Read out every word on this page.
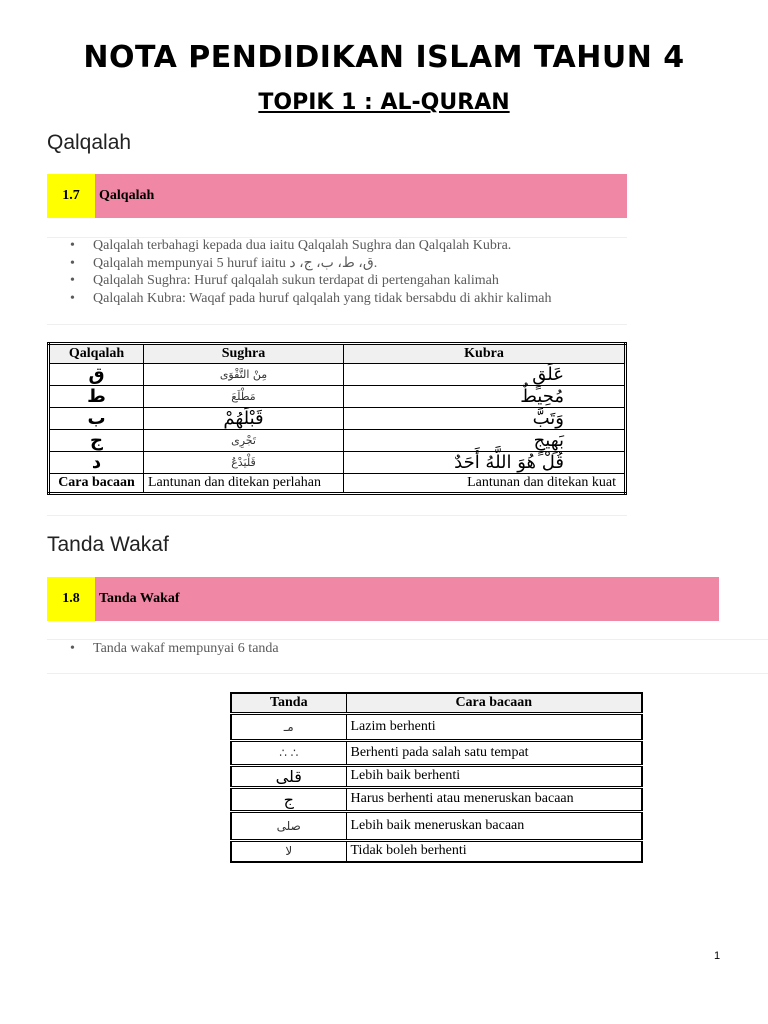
NOTA PENDIDIKAN ISLAM TAHUN 4
TOPIK 1 : AL-QURAN
Qalqalah
1.7	Qalqalah
• Qalqalah terbahagi kepada dua iaitu Qalqalah Sughra dan Qalqalah Kubra.
• Qalqalah mempunyai 5 huruf iaitu ق، ط، ب، ج، د.
• Qalqalah Sughra: Huruf qalqalah sukun terdapat di pertengahan kalimah
• Qalqalah Kubra: Waqaf pada huruf qalqalah yang tidak bersabdu di akhir kalimah
Qalqalah	Sughra	Kubra
ق	مِنْ التَّقْوَى	عَلَقٍ
ط	مَطْلَعَ	مُحِيطٌ
ب	قَبْلَهُمْ	وَتَبَّ
ج	تَجْرِى	بَهِيجٍ
د	قَلْيَدْعُ	قُلْ هُوَ اللَّهُ أَحَدٌ
Cara bacaan	Lantunan dan ditekan perlahan	Lantunan dan ditekan kuat
Tanda Wakaf
1.8	Tanda Wakaf
• Tanda wakaf mempunyai 6 tanda
Tanda	Cara bacaan
مـ	Lazim berhenti
∴ ∴	Berhenti pada salah satu tempat
قلى	Lebih baik berhenti
ج	Harus berhenti atau meneruskan bacaan
صلى	Lebih baik meneruskan bacaan
لا	Tidak boleh berhenti
1
